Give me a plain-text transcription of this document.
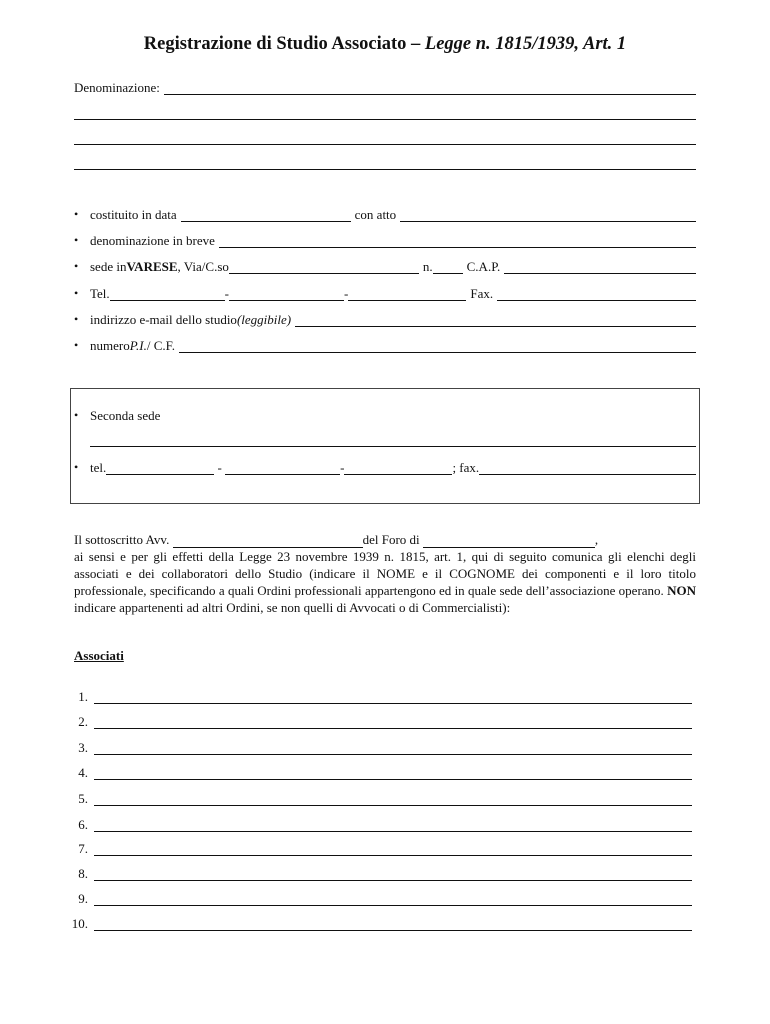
Registrazione di Studio Associato – Legge n. 1815/1939, Art. 1
Denominazione:
• costituito in data	con atto
• denominazione in breve
• sede in VARESE , Via/C.so	n.	C.A.P.
• Tel.	-	-	Fax.
• indirizzo e-mail dello studio (leggibile)
• numero P.I. / C.F.
• Seconda sede
• tel.	-	-	; fax.
Il sottoscritto Avv.	del Foro di	,
ai sensi e per gli effetti della Legge 23 novembre 1939 n. 1815, art. 1, qui di seguito comunica gli elenchi degli associati e dei collaboratori dello Studio (indicare il NOME e il COGNOME dei componenti e il loro titolo professionale, specificando a quali Ordini professionali appartengono ed in quale sede dell’associazione operano. NON indicare appartenenti ad altri Ordini, se non quelli di Avvocati o di Commercialisti):
Associati
1.
2.
3.
4.
5.
6.
7.
8.
9.
10.
